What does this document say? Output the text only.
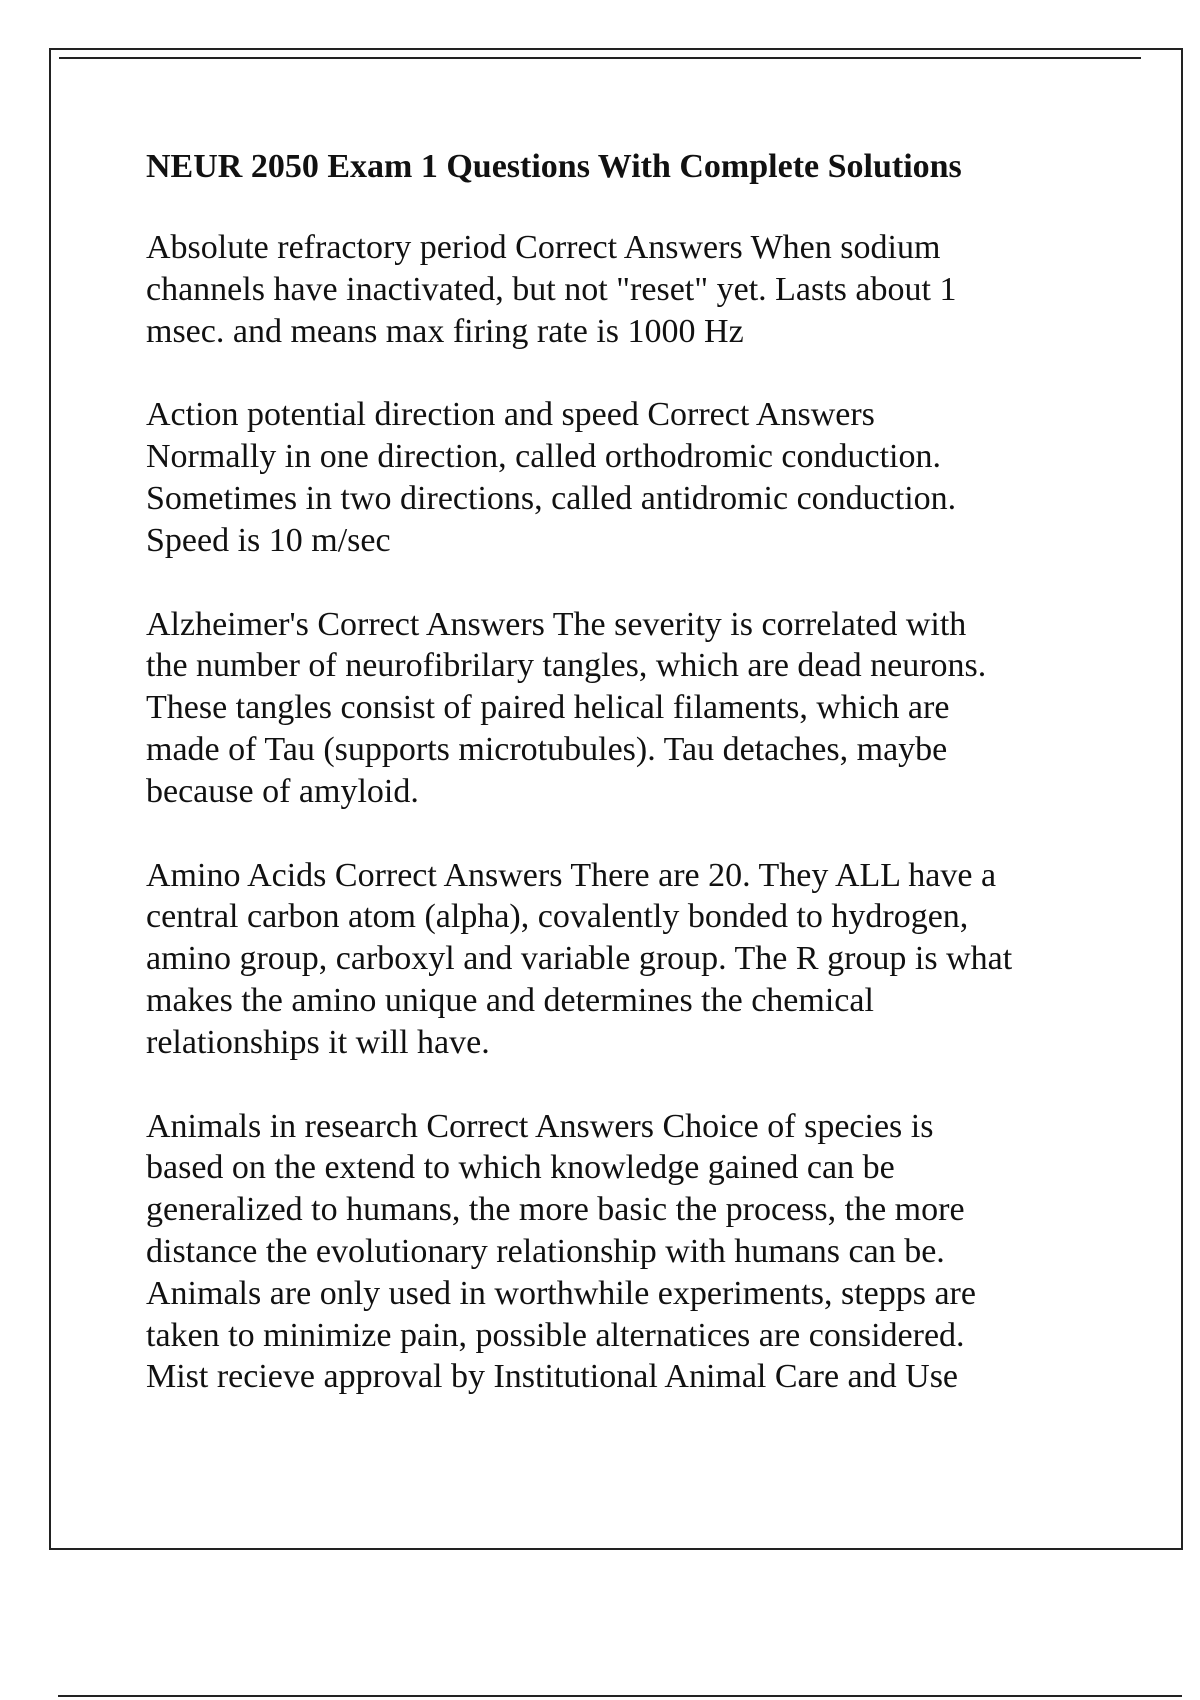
NEUR 2050 Exam 1 Questions With Complete Solutions
Absolute refractory period Correct Answers When sodium
channels have inactivated, but not "reset" yet. Lasts about 1
msec. and means max firing rate is 1000 Hz
Action potential direction and speed Correct Answers
Normally in one direction, called orthodromic conduction.
Sometimes in two directions, called antidromic conduction.
Speed is 10 m/sec
Alzheimer's Correct Answers The severity is correlated with
the number of neurofibrilary tangles, which are dead neurons.
These tangles consist of paired helical filaments, which are
made of Tau (supports microtubules). Tau detaches, maybe
because of amyloid.
Amino Acids Correct Answers There are 20. They ALL have a
central carbon atom (alpha), covalently bonded to hydrogen,
amino group, carboxyl and variable group. The R group is what
makes the amino unique and determines the chemical
relationships it will have.
Animals in research Correct Answers Choice of species is
based on the extend to which knowledge gained can be
generalized to humans, the more basic the process, the more
distance the evolutionary relationship with humans can be.
Animals are only used in worthwhile experiments, stepps are
taken to minimize pain, possible alternatices are considered.
Mist recieve approval by Institutional Animal Care and Use
